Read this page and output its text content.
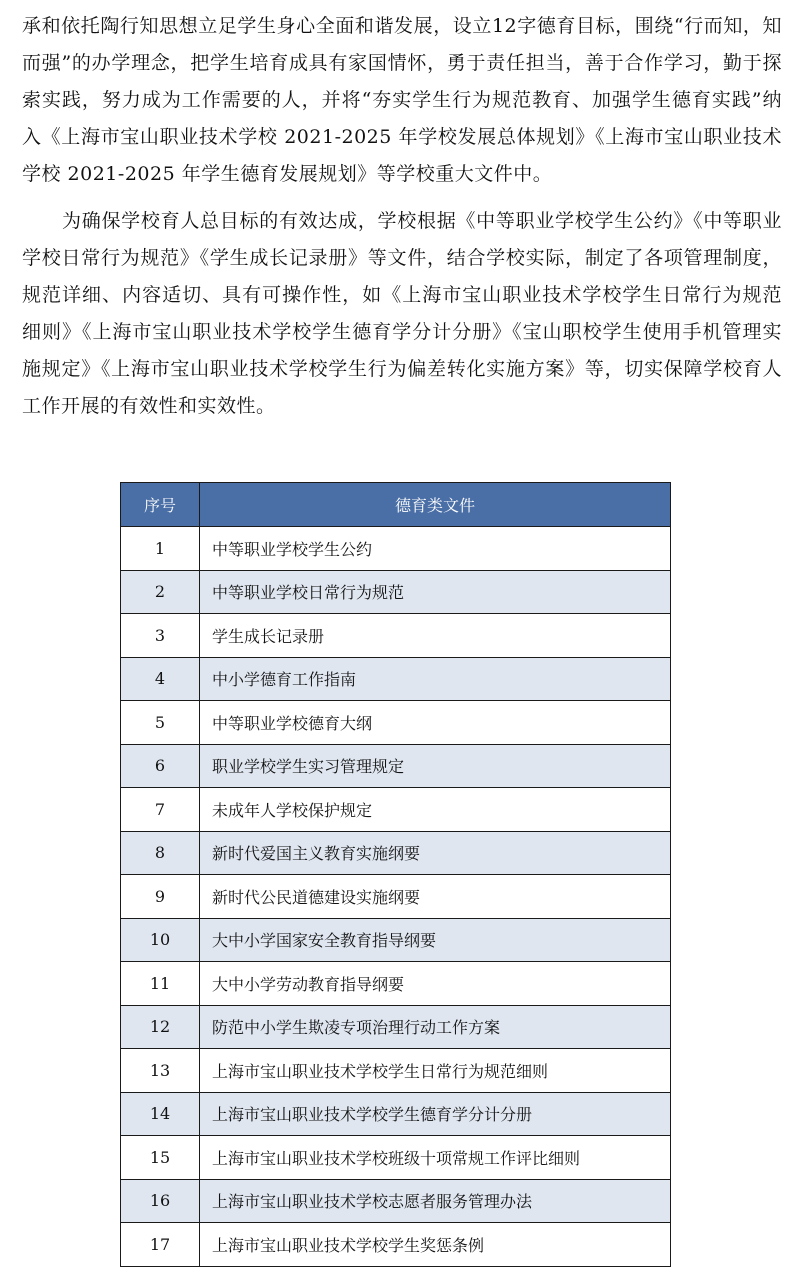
承和依托陶行知思想立足学生身心全面和谐发展，设立12字德育目标，围绕“行而知，知而强”的办学理念，把学生培育成具有家国情怀，勇于责任担当，善于合作学习，勤于探索实践，努力成为工作需要的人，并将“夯实学生行为规范教育、加强学生德育实践”纳入《上海市宝山职业技术学校 2021-2025 年学校发展总体规划》《上海市宝山职业技术学校 2021-2025 年学生德育发展规划》等学校重大文件中。

为确保学校育人总目标的有效达成，学校根据《中等职业学校学生公约》《中等职业学校日常行为规范》《学生成长记录册》等文件，结合学校实际，制定了各项管理制度，规范详细、内容适切、具有可操作性，如《上海市宝山职业技术学校学生日常行为规范细则》《上海市宝山职业技术学校学生德育学分计分册》《宝山职校学生使用手机管理实施规定》《上海市宝山职业技术学校学生行为偏差转化实施方案》等，切实保障学校育人工作开展的有效性和实效性。

序号	德育类文件
1	中等职业学校学生公约
2	中等职业学校日常行为规范
3	学生成长记录册
4	中小学德育工作指南
5	中等职业学校德育大纲
6	职业学校学生实习管理规定
7	未成年人学校保护规定
8	新时代爱国主义教育实施纲要
9	新时代公民道德建设实施纲要
10	大中小学国家安全教育指导纲要
11	大中小学劳动教育指导纲要
12	防范中小学生欺凌专项治理行动工作方案
13	上海市宝山职业技术学校学生日常行为规范细则
14	上海市宝山职业技术学校学生德育学分计分册
15	上海市宝山职业技术学校班级十项常规工作评比细则
16	上海市宝山职业技术学校志愿者服务管理办法
17	上海市宝山职业技术学校学生奖惩条例
